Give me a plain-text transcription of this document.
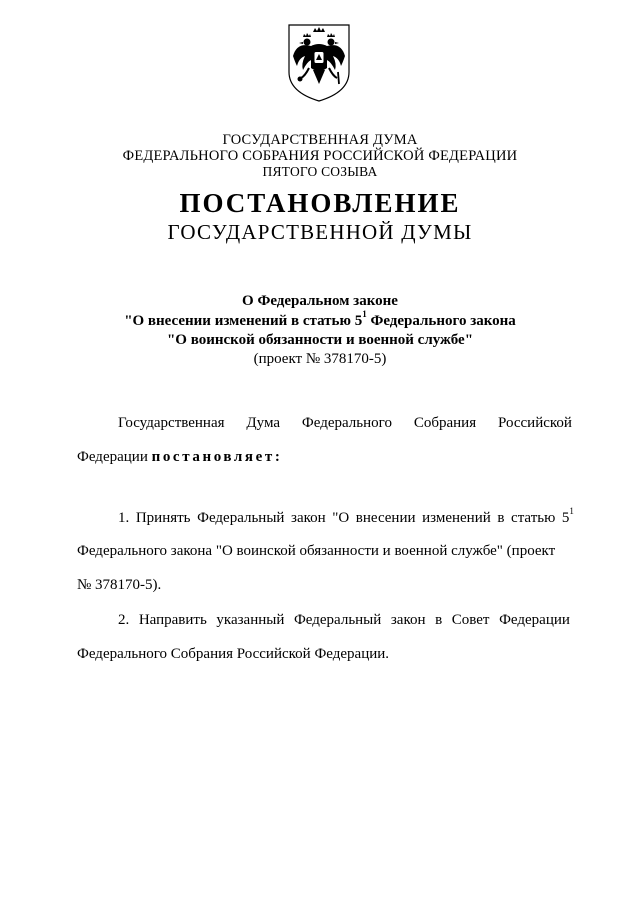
ГОСУДАРСТВЕННАЯ ДУМА
ФЕДЕРАЛЬНОГО СОБРАНИЯ РОССИЙСКОЙ ФЕДЕРАЦИИ
ПЯТОГО СОЗЫВА
ПОСТАНОВЛЕНИЕ
ГОСУДАРСТВЕННОЙ ДУМЫ
О Федеральном законе
"О внесении изменений в статью $5^1$ Федерального закона
"О воинской обязанности и военной службе"
(проект № 378170-5)
Государственная Дума Федерального Собрания Российской
Федерации постановляет:
1. Принять Федеральный закон "О внесении изменений в статью $5^1$
Федерального закона "О воинской обязанности и военной службе" (проект
№ 378170-5).
2. Направить указанный Федеральный закон в Совет Федерации
Федерального Собрания Российской Федерации.
